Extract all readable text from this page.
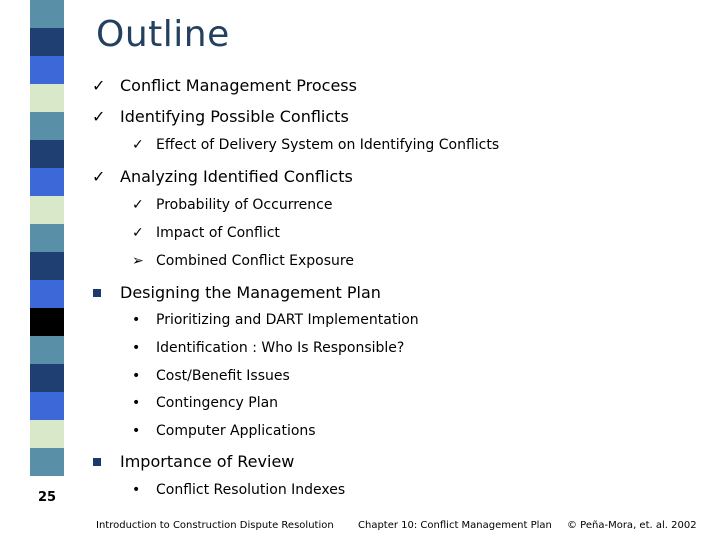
25
Outline
✓ Conflict Management Process
✓ Identifying Possible Conflicts
✓ Effect of Delivery System on Identifying Conflicts
✓ Analyzing Identified Conflicts
✓ Probability of Occurrence
✓ Impact of Conflict
➢ Combined Conflict Exposure
Designing the Management Plan
• Prioritizing and DART Implementation
• Identification : Who Is Responsible?
• Cost/Benefit Issues
• Contingency Plan
• Computer Applications
Importance of Review
• Conflict Resolution Indexes
Introduction to Construction Dispute Resolution Chapter 10: Conflict Management Plan © Peña-Mora, et. al. 2002
